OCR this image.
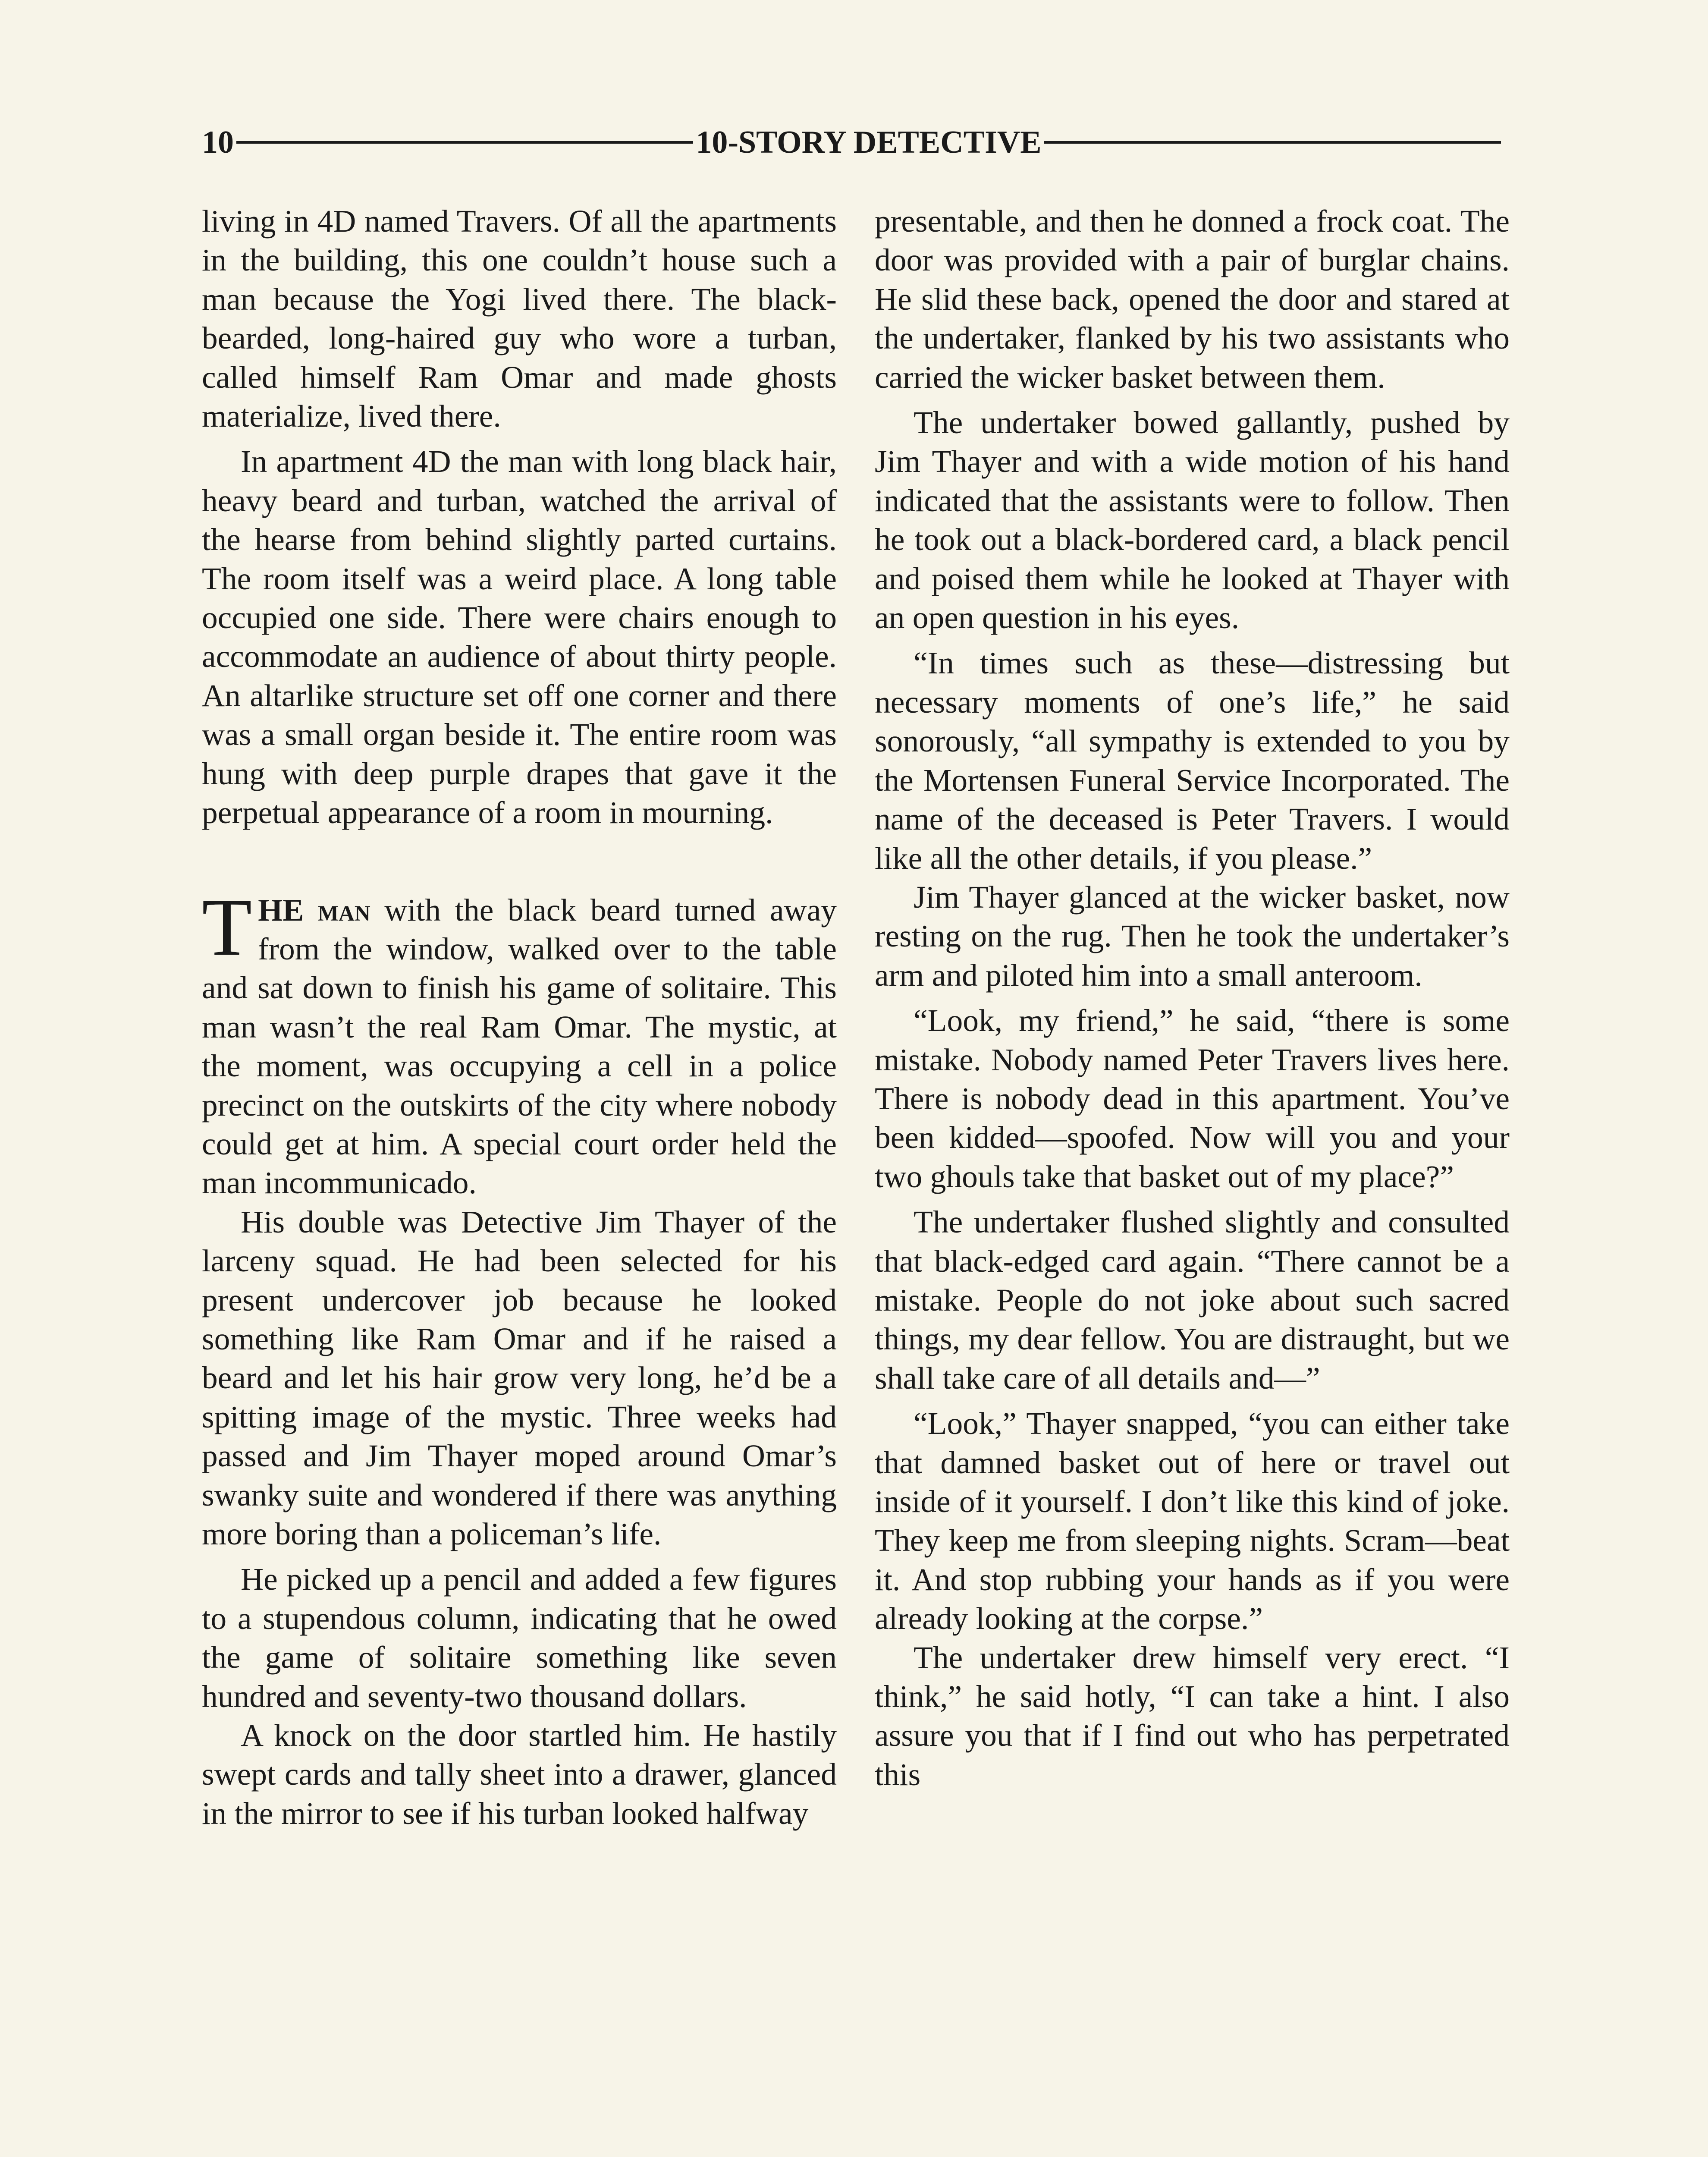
10	10-STORY DETECTIVE

living in 4D named Travers. Of all the apartments in the building, this one couldn’t house such a man because the Yogi lived there. The black-bearded, long-haired guy who wore a turban, called himself Ram Omar and made ghosts materialize, lived there.

In apartment 4D the man with long black hair, heavy beard and turban, watched the arrival of the hearse from behind slightly parted curtains. The room itself was a weird place. A long table occupied one side. There were chairs enough to accommodate an audience of about thirty people. An altarlike structure set off one corner and there was a small organ beside it. The entire room was hung with deep purple drapes that gave it the perpetual appearance of a room in mourning.

THE man with the black beard turned away from the window, walked over to the table and sat down to finish his game of solitaire. This man wasn’t the real Ram Omar. The mystic, at the moment, was occupying a cell in a police precinct on the outskirts of the city where nobody could get at him. A special court order held the man incommunicado.

His double was Detective Jim Thayer of the larceny squad. He had been selected for his present undercover job because he looked something like Ram Omar and if he raised a beard and let his hair grow very long, he’d be a spitting image of the mystic. Three weeks had passed and Jim Thayer moped around Omar’s swanky suite and wondered if there was anything more boring than a policeman’s life.

He picked up a pencil and added a few figures to a stupendous column, indicating that he owed the game of solitaire something like seven hundred and seventy-two thousand dollars.

A knock on the door startled him. He hastily swept cards and tally sheet into a drawer, glanced in the mirror to see if his turban looked halfway

presentable, and then he donned a frock coat. The door was provided with a pair of burglar chains. He slid these back, opened the door and stared at the undertaker, flanked by his two assistants who carried the wicker basket between them.

The undertaker bowed gallantly, pushed by Jim Thayer and with a wide motion of his hand indicated that the assistants were to follow. Then he took out a black-bordered card, a black pencil and poised them while he looked at Thayer with an open question in his eyes.

“In times such as these—distressing but necessary moments of one’s life,” he said sonorously, “all sympathy is extended to you by the Mortensen Funeral Service Incorporated. The name of the deceased is Peter Travers. I would like all the other details, if you please.”

Jim Thayer glanced at the wicker basket, now resting on the rug. Then he took the undertaker’s arm and piloted him into a small anteroom.

“Look, my friend,” he said, “there is some mistake. Nobody named Peter Travers lives here. There is nobody dead in this apartment. You’ve been kidded—spoofed. Now will you and your two ghouls take that basket out of my place?”

The undertaker flushed slightly and consulted that black-edged card again. “There cannot be a mistake. People do not joke about such sacred things, my dear fellow. You are distraught, but we shall take care of all details and—”

“Look,” Thayer snapped, “you can either take that damned basket out of here or travel out inside of it yourself. I don’t like this kind of joke. They keep me from sleeping nights. Scram—beat it. And stop rubbing your hands as if you were already looking at the corpse.”

The undertaker drew himself very erect. “I think,” he said hotly, “I can take a hint. I also assure you that if I find out who has perpetrated this
